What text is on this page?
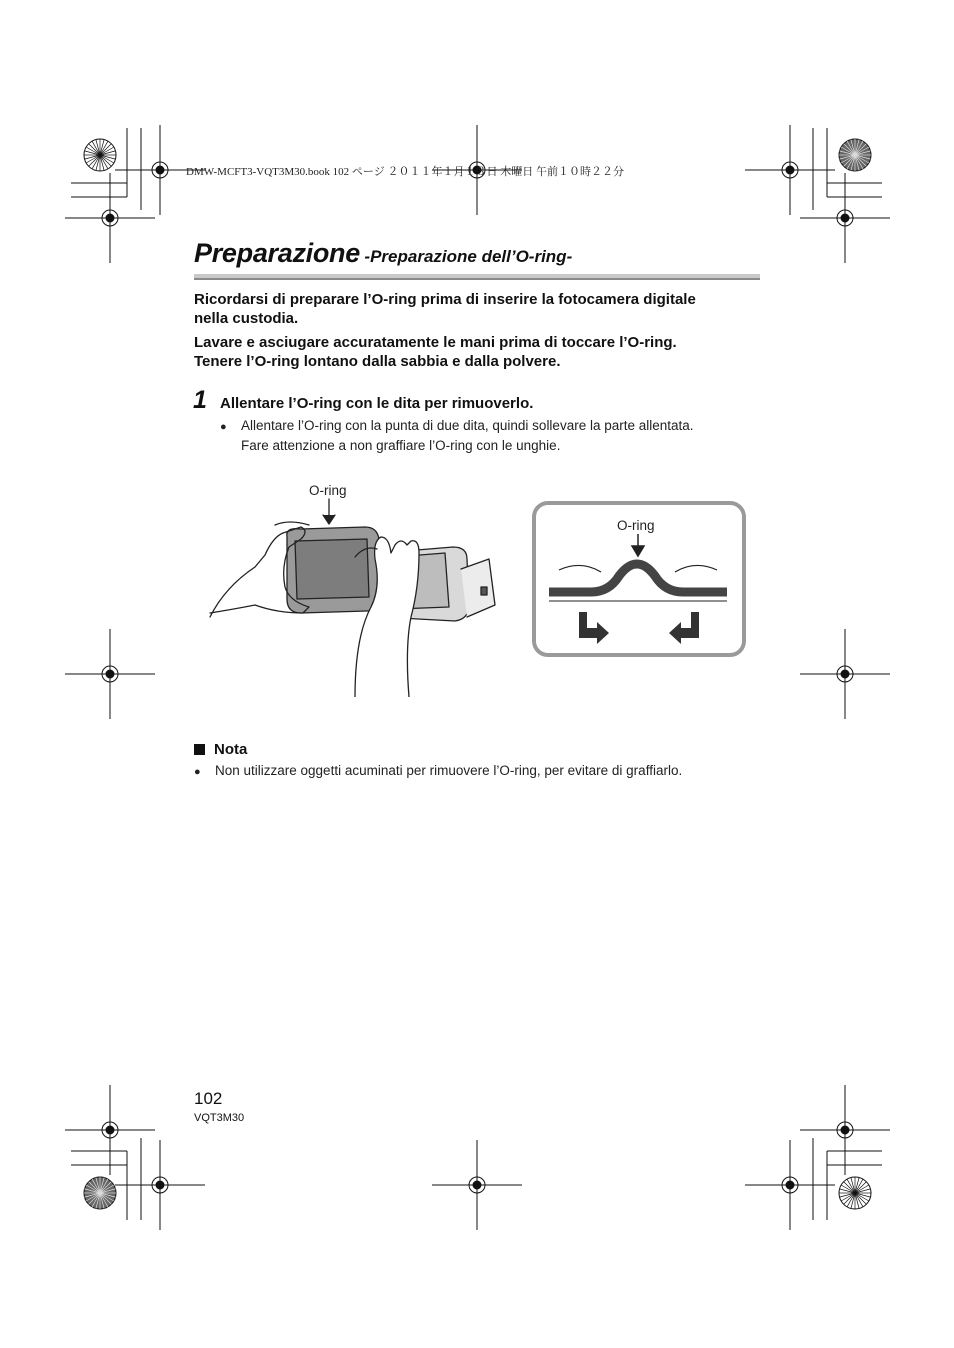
DMW-MCFT3-VQT3M30.book 102 ページ ２０１１年１月１３日 木曜日 午前１０時２２分
Preparazione -Preparazione dell’O-ring-
Ricordarsi di preparare l’O-ring prima di inserire la fotocamera digitale
nella custodia.
Lavare e asciugare accuratamente le mani prima di toccare l’O-ring.
Tenere l’O-ring lontano dalla sabbia e dalla polvere.
1 Allentare l’O-ring con le dita per rimuoverlo.
● Allentare l’O-ring con la punta di due dita, quindi sollevare la parte allentata.
Fare attenzione a non graffiare l’O-ring con le unghie.
O-ring
O-ring
Nota
● Non utilizzare oggetti acuminati per rimuovere l’O-ring, per evitare di graffiarlo.
102
VQT3M30
